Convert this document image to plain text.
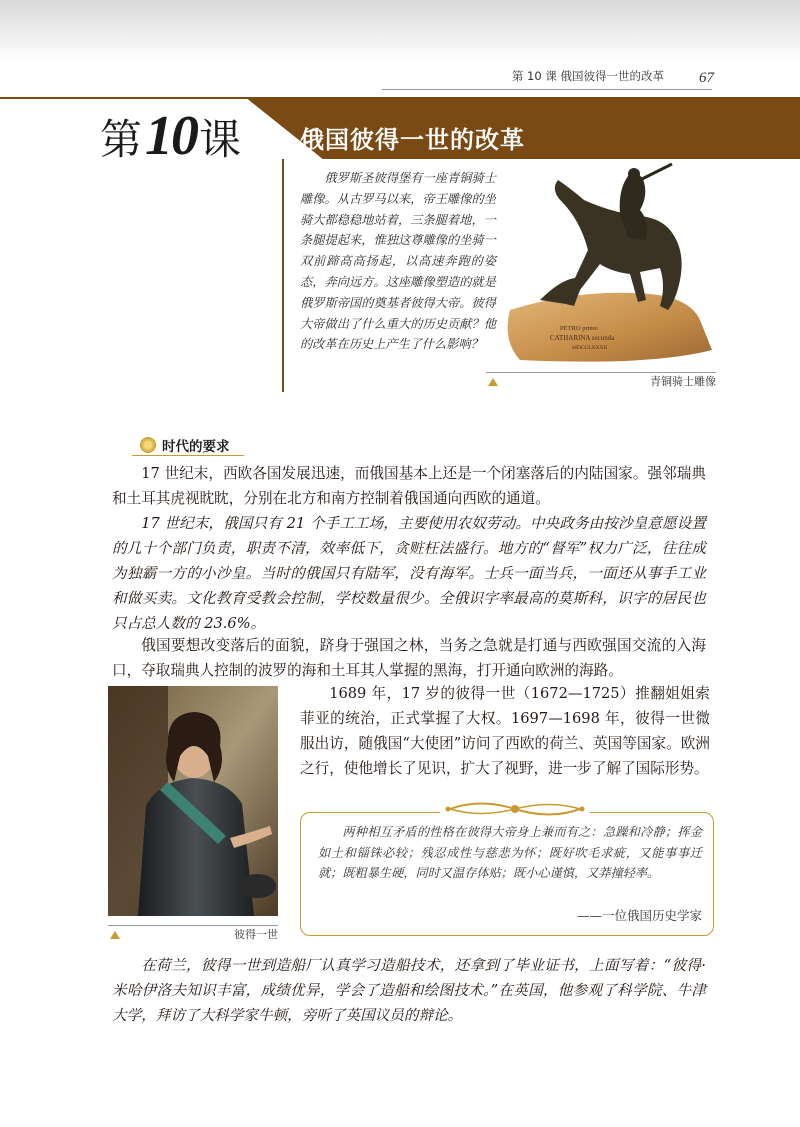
第 10 课 俄国彼得一世的改革	67
第10课 俄国彼得一世的改革
俄罗斯圣彼得堡有一座青铜骑士雕像。从古罗马以来，帝王雕像的坐骑大都稳稳地站着，三条腿着地，一条腿提起来，惟独这尊雕像的坐骑一双前蹄高高扬起，以高速奔跑的姿态，奔向远方。这座雕像塑造的就是俄罗斯帝国的奠基者彼得大帝。彼得大帝做出了什么重大的历史贡献？他的改革在历史上产生了什么影响？
PETRO primo
CATHARINA secunda
MDCCLXXXII
青铜骑士雕像
时代的要求
17 世纪末，西欧各国发展迅速，而俄国基本上还是一个闭塞落后的内陆国家。强邻瑞典和土耳其虎视眈眈，分别在北方和南方控制着俄国通向西欧的通道。
17 世纪末，俄国只有 21 个手工工场，主要使用农奴劳动。中央政务由按沙皇意愿设置的几十个部门负责，职责不清，效率低下，贪赃枉法盛行。地方的“督军”权力广泛，往往成为独霸一方的小沙皇。当时的俄国只有陆军，没有海军。士兵一面当兵，一面还从事手工业和做买卖。文化教育受教会控制，学校数量很少。全俄识字率最高的莫斯科，识字的居民也只占总人数的 23.6%。
俄国要想改变落后的面貌，跻身于强国之林，当务之急就是打通与西欧强国交流的入海口，夺取瑞典人控制的波罗的海和土耳其人掌握的黑海，打开通向欧洲的海路。
1689 年，17 岁的彼得一世（1672—1725）推翻姐姐索菲亚的统治，正式掌握了大权。1697—1698 年，彼得一世微服出访，随俄国“大使团”访问了西欧的荷兰、英国等国家。欧洲之行，使他增长了见识，扩大了视野，进一步了解了国际形势。
彼得一世
两种相互矛盾的性格在彼得大帝身上兼而有之：急躁和冷静；挥金如土和锱铢必较；残忍成性与慈悲为怀；既好吹毛求疵，又能事事迁就；既粗暴生硬，同时又温存体贴；既小心谨慎，又莽撞轻率。
——一位俄国历史学家
在荷兰，彼得一世到造船厂认真学习造船技术，还拿到了毕业证书，上面写着：“彼得·米哈伊洛夫知识丰富，成绩优异，学会了造船和绘图技术。”在英国，他参观了科学院、牛津大学，拜访了大科学家牛顿，旁听了英国议员的辩论。
